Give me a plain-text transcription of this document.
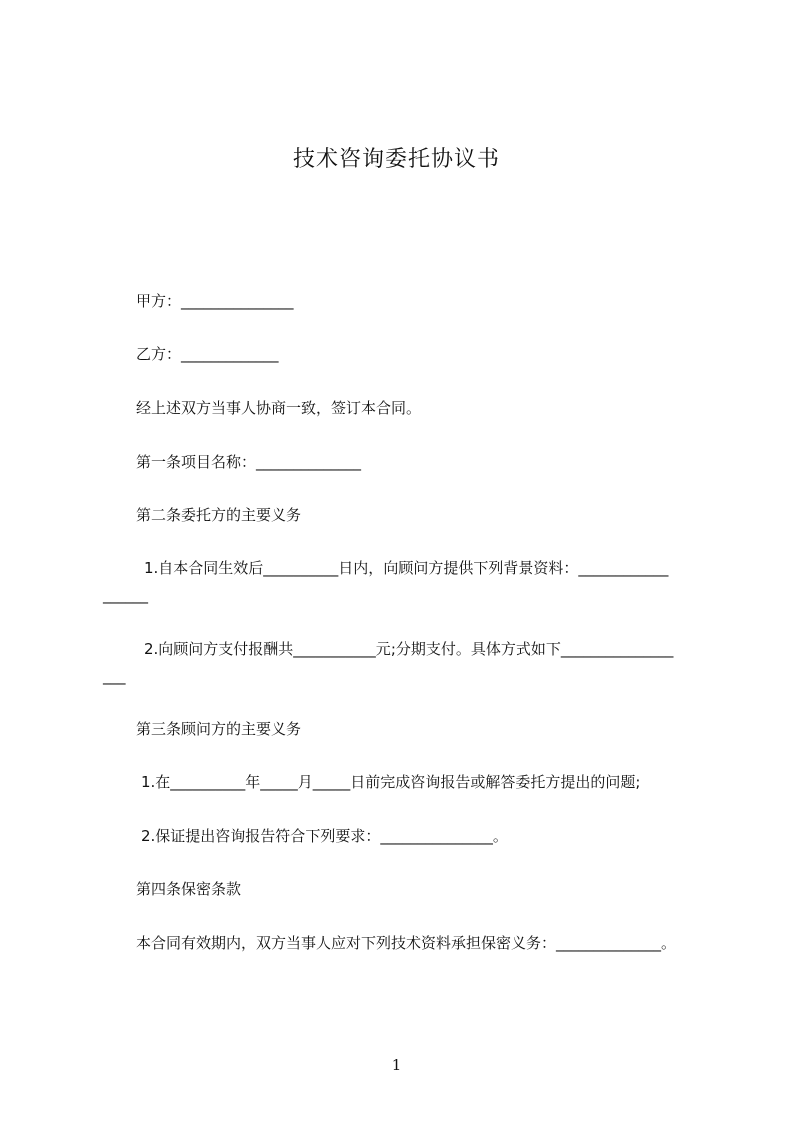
技术咨询委托协议书
甲方：_______________
乙方：_____________
经上述双方当事人协商一致，签订本合同。
第一条项目名称：______________
第二条委托方的主要义务
1.自本合同生效后__________日内，向顾问方提供下列背景资料：____________
______
2.向顾问方支付报酬共___________元;分期支付。具体方式如下_______________
___
第三条顾问方的主要义务
1.在__________年_____月_____日前完成咨询报告或解答委托方提出的问题;
2.保证提出咨询报告符合下列要求：_______________。
第四条保密条款
本合同有效期内，双方当事人应对下列技术资料承担保密义务：______________。
1
